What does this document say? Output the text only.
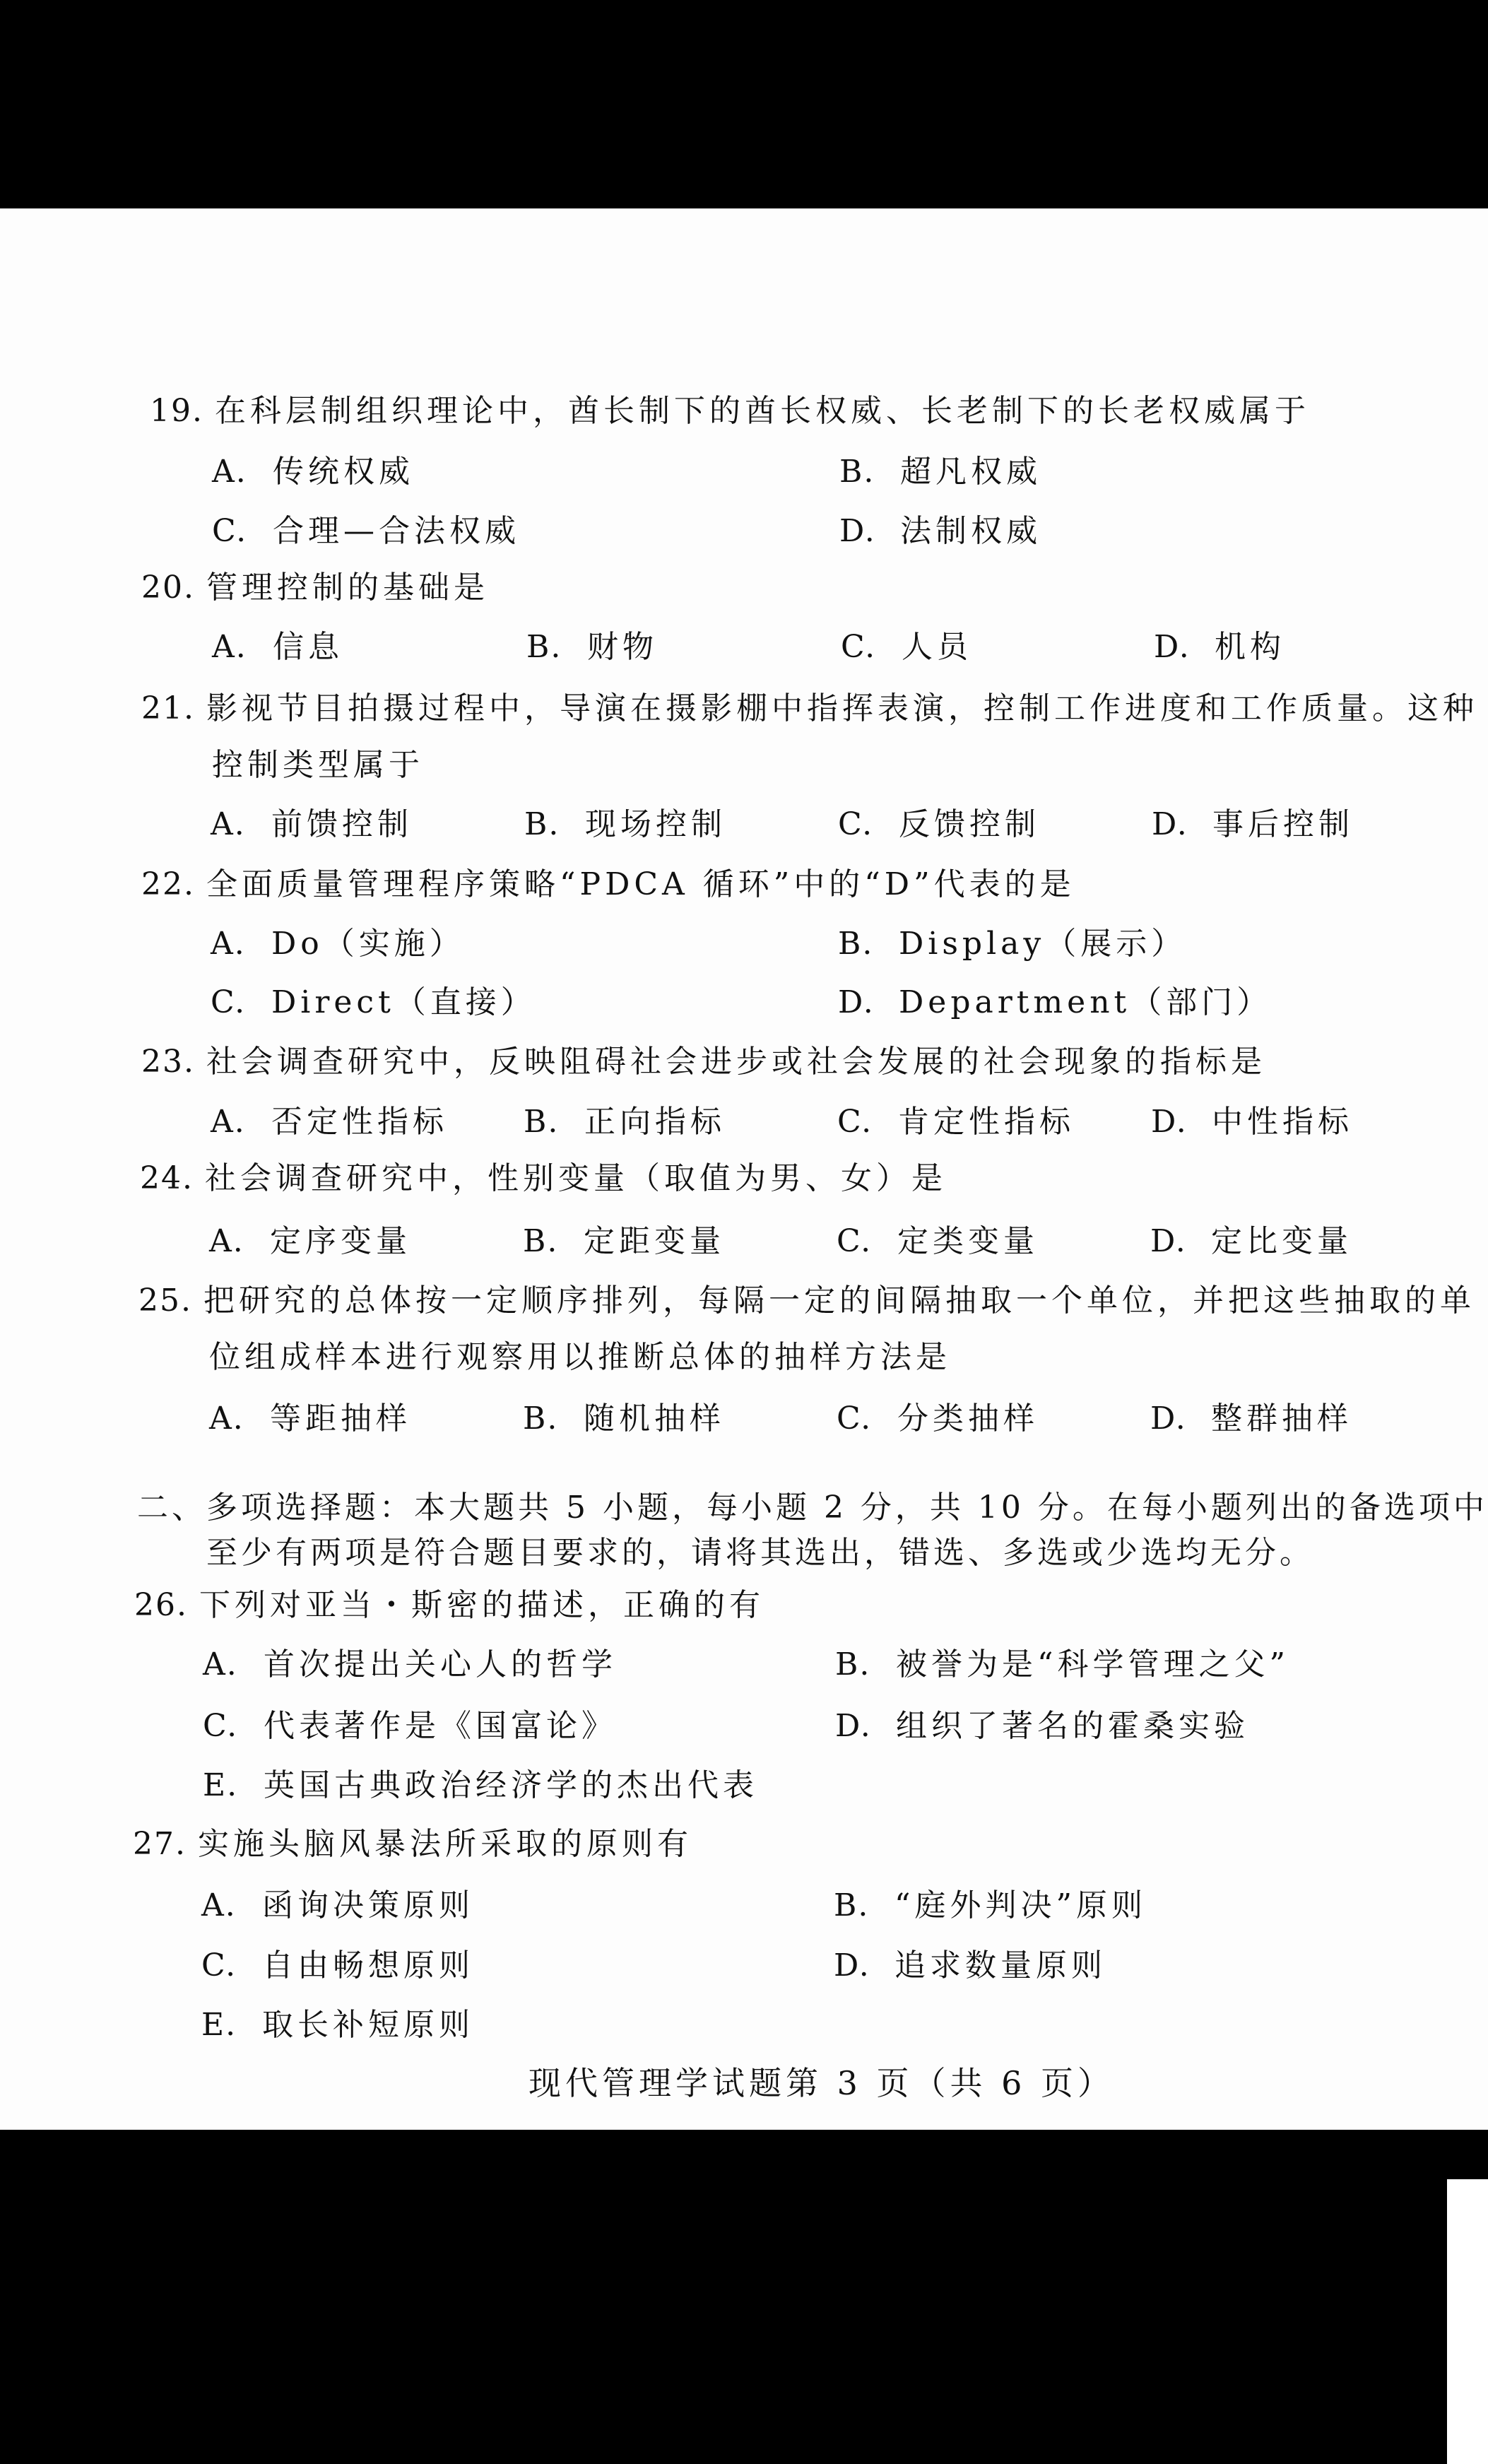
19. 在科层制组织理论中，酋长制下的酋长权威、长老制下的长老权威属于
A. 传统权威	B. 超凡权威
C. 合理—合法权威	D. 法制权威
20. 管理控制的基础是
A. 信息	B. 财物	C. 人员	D. 机构
21. 影视节目拍摄过程中，导演在摄影棚中指挥表演，控制工作进度和工作质量。这种
控制类型属于
A. 前馈控制	B. 现场控制	C. 反馈控制	D. 事后控制
22. 全面质量管理程序策略“PDCA 循环”中的“D”代表的是
A. Do（实施）	B. Display（展示）
C. Direct（直接）	D. Department（部门）
23. 社会调查研究中，反映阻碍社会进步或社会发展的社会现象的指标是
A. 否定性指标 B. 正向指标	C. 肯定性指标 D. 中性指标
24. 社会调查研究中，性别变量（取值为男、女）是
A. 定序变量	B. 定距变量	C. 定类变量	D. 定比变量
25. 把研究的总体按一定顺序排列，每隔一定的间隔抽取一个单位，并把这些抽取的单
位组成样本进行观察用以推断总体的抽样方法是
A. 等距抽样	B. 随机抽样	C. 分类抽样	D. 整群抽样
二、多项选择题：本大题共 5 小题，每小题 2 分，共 10 分。在每小题列出的备选项中
至少有两项是符合题目要求的，请将其选出，错选、多选或少选均无分。
26. 下列对亚当・斯密的描述，正确的有
A. 首次提出关心人的哲学	B. 被誉为是“科学管理之父”
C. 代表著作是《国富论》	D. 组织了著名的霍桑实验
E. 英国古典政治经济学的杰出代表
27. 实施头脑风暴法所采取的原则有
A. 函询决策原则	B. “庭外判决”原则
C. 自由畅想原则	D. 追求数量原则
E. 取长补短原则
现代管理学试题第 3 页（共 6 页）
